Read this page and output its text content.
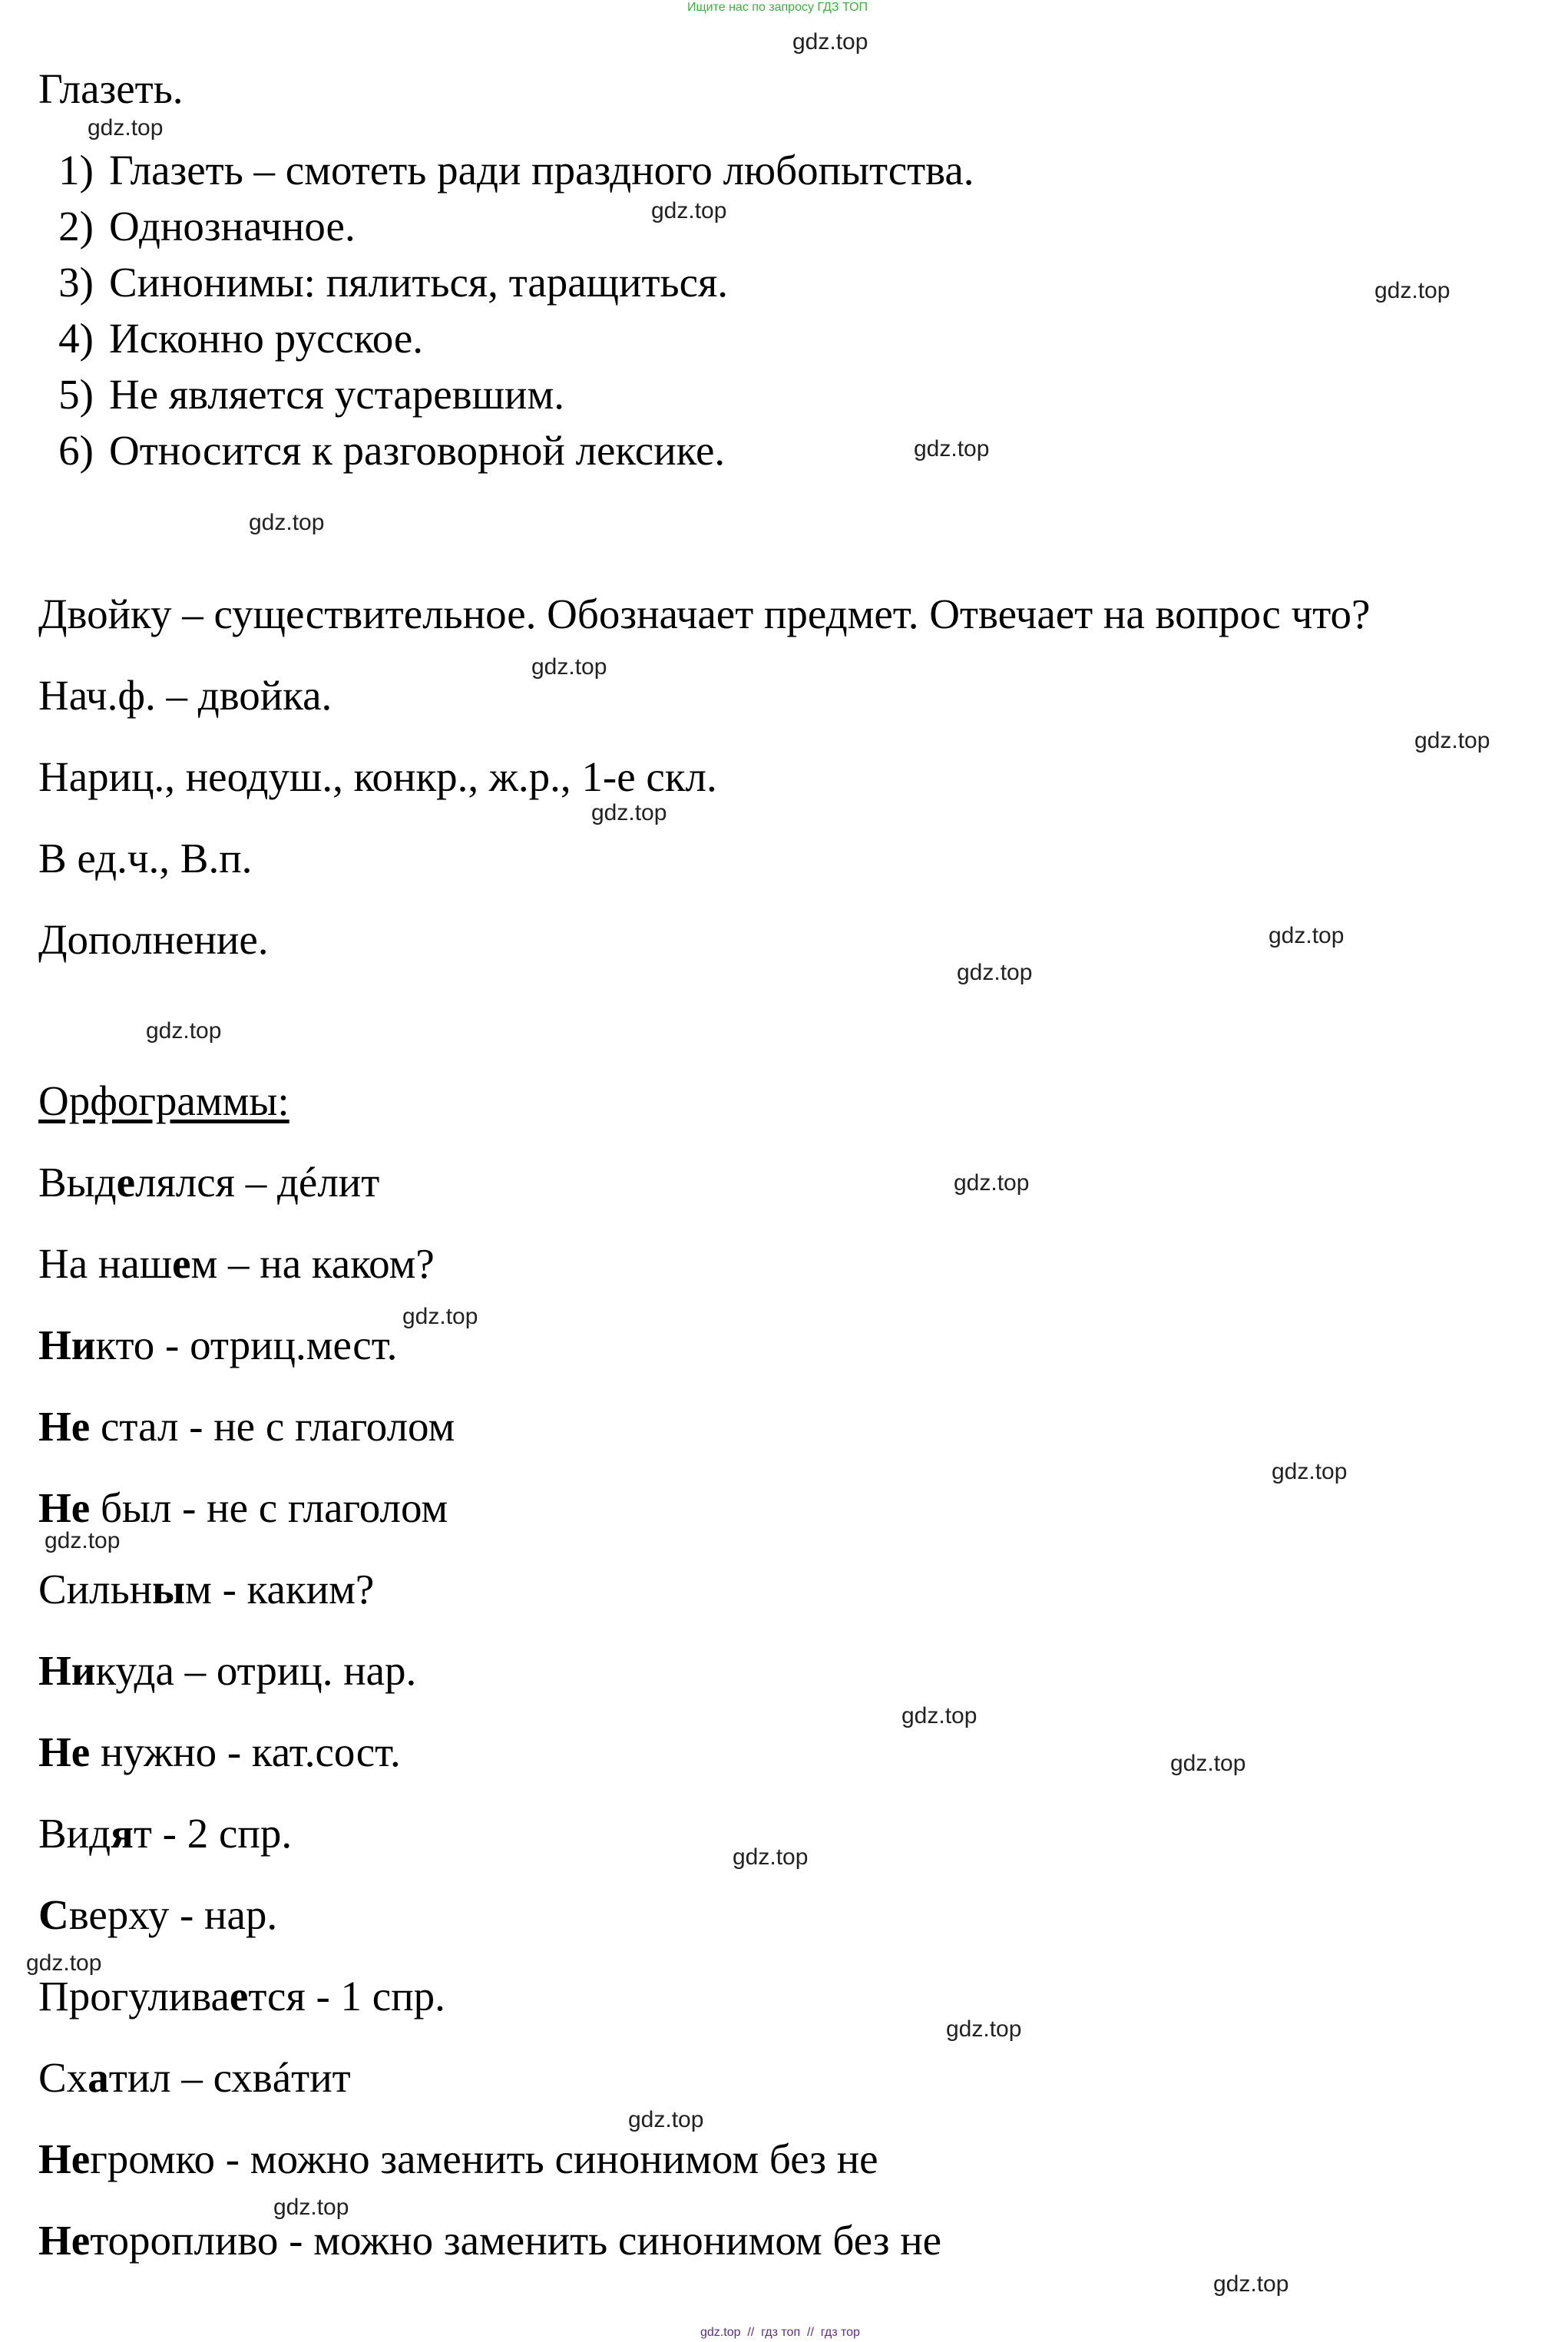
Ищите нас по запросу ГДЗ ТОП
Глазеть.
1) Глазеть – смотеть ради праздного любопытства.
2) Однозначное.
3) Синонимы: пялиться, таращиться.
4) Исконно русское.
5) Не является устаревшим.
6) Относится к разговорной лексике.
Двойку – существительное. Обозначает предмет. Отвечает на вопрос что?
Нач.ф. – двойка.
Нариц., неодуш., конкр., ж.р., 1-е скл.
В ед.ч., В.п.
Дополнение.
Орфограммы:
Выделялся – дéлит
На нашем – на каком?
Никто - отриц.мест.
Не стал - не с глаголом
Не был - не с глаголом
Сильным - каким?
Никуда – отриц. нар.
Не нужно - кат.сост.
Видят - 2 спр.
Сверху - нар.
Прогуливается - 1 спр.
Схатил – схвáтит
Негромко - можно заменить синонимом без не
Неторопливо - можно заменить синонимом без не
gdz.top
gdz.top
gdz.top
gdz.top
gdz.top
gdz.top
gdz.top
gdz.top
gdz.top
gdz.top
gdz.top
gdz.top
gdz.top
gdz.top
gdz.top
gdz.top
gdz.top
gdz.top
gdz.top
gdz.top
gdz.top
gdz.top
gdz.top
gdz.top
gdz.top  //  гдз топ  //  гдз тор
